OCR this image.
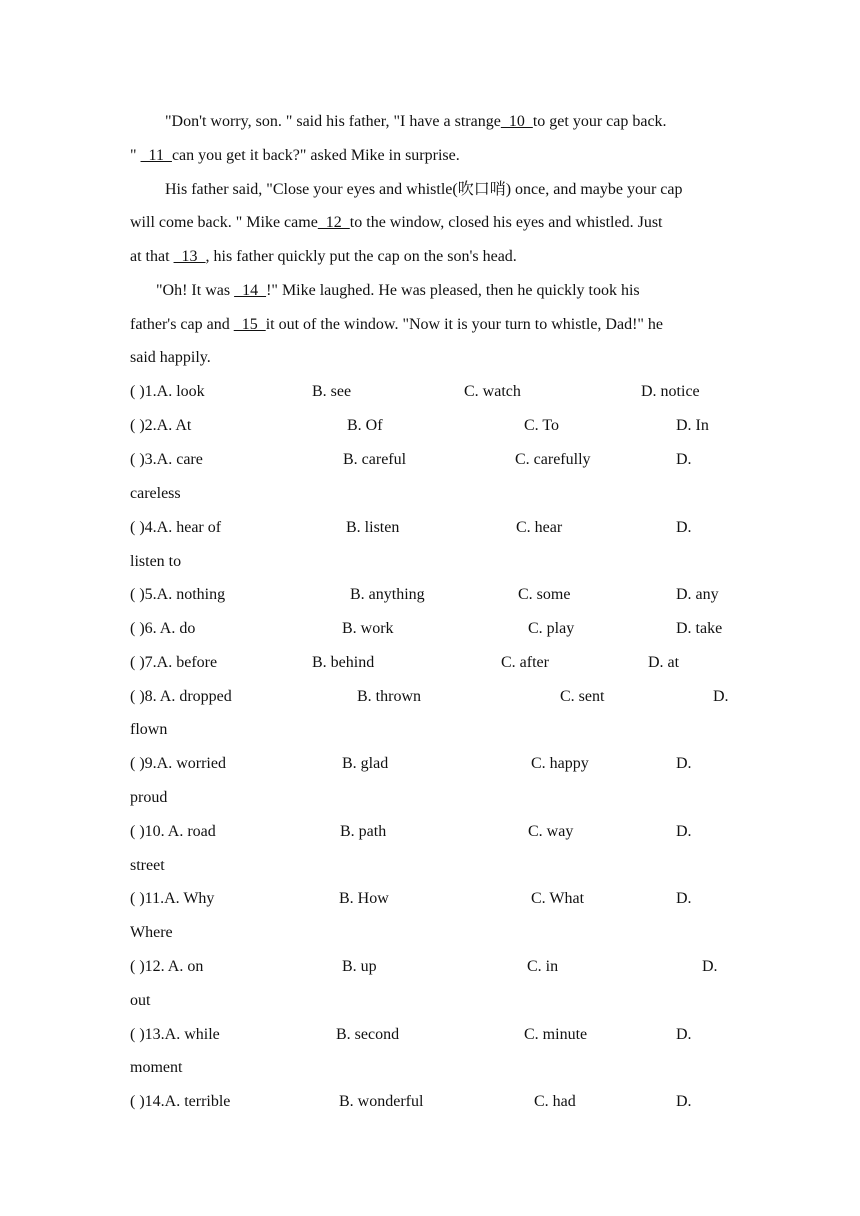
"Don't worry, son. " said his father, "I have a strange  10  to get your cap back.
"   11  can you get it back?" asked Mike in surprise.
His father said, "Close your eyes and whistle(吹口哨) once, and maybe your cap
will come back. " Mike came  12  to the window, closed his eyes and whistled. Just
at that   13  , his father quickly put the cap on the son's head.
"Oh! It was   14  !" Mike laughed. He was pleased, then he quickly took his
father's cap and   15  it out of the window. "Now it is your turn to whistle, Dad!" he
said happily.
( )1.A. look	B. see	C. watch	D. notice
( )2.A. At	B. Of	C. To	D. In
( )3.A. care	B. careful	C. carefully	D.
careless
( )4.A. hear of	B. listen	C. hear	D.
listen to
( )5.A. nothing	B. anything	C. some	D. any
( )6. A. do	B. work	C. play	D. take
( )7.A. before	B. behind	C. after	D. at
( )8. A. dropped	B. thrown	C. sent	D.
flown
( )9.A. worried	B. glad	C. happy	D.
proud
( )10. A. road	B. path	C. way	D.
street
( )11.A. Why	B. How	C. What	D.
Where
( )12. A. on	B. up	C. in	D.
out
( )13.A. while	B. second	C. minute	D.
moment
( )14.A. terrible	B. wonderful	C. had	D.
